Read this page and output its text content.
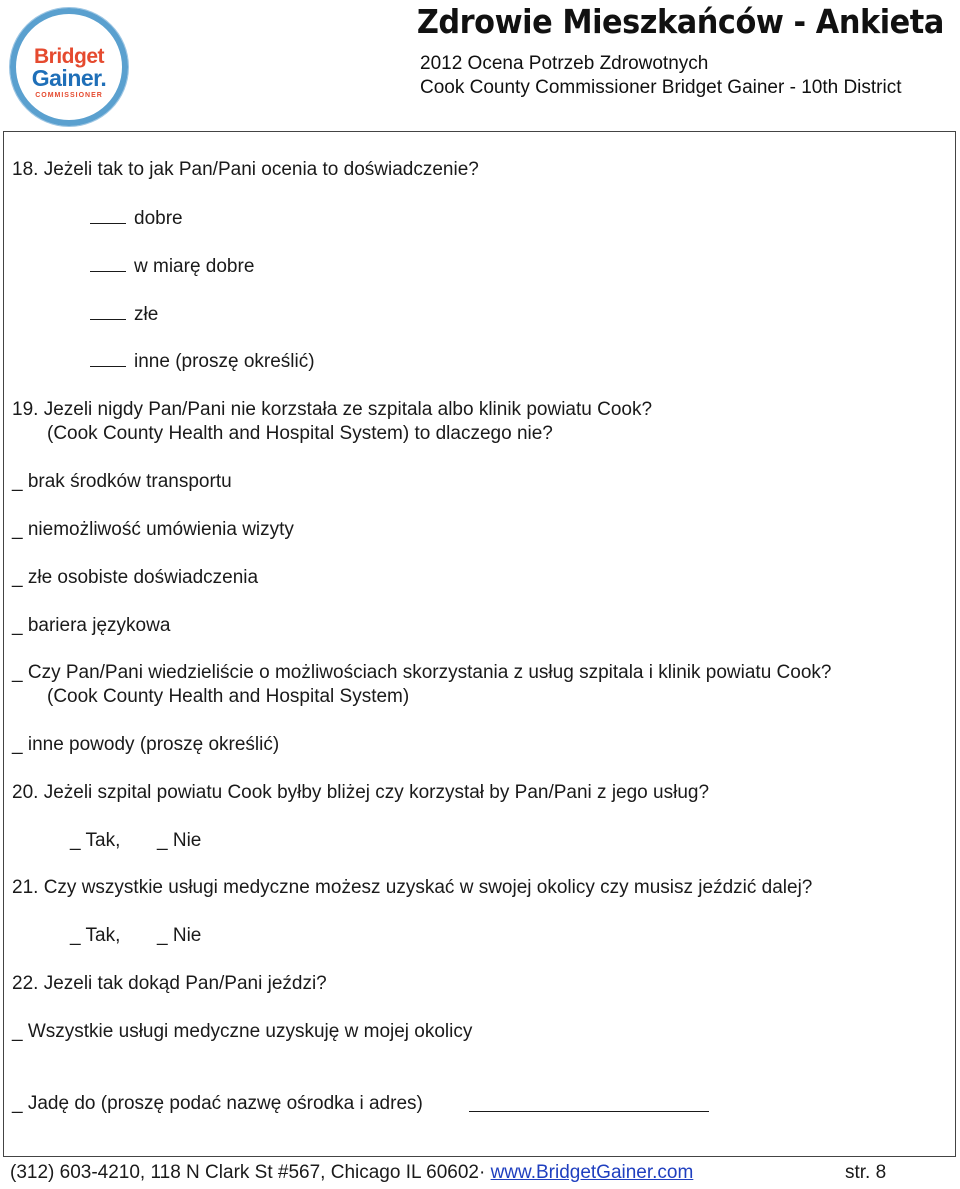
Bridget
Gainer.
COMMISSIONER
Zdrowie Mieszkańców - Ankieta
2012 Ocena Potrzeb Zdrowotnych
Cook County Commissioner Bridget Gainer - 10th District
18. Jeżeli tak to jak Pan/Pani ocenia to doświadczenie?
dobre
w miarę dobre
złe
inne (proszę określić)
19. Jezeli nigdy Pan/Pani nie korzstała ze szpitala albo klinik powiatu Cook?
(Cook County Health and Hospital System) to dlaczego nie?
_ brak środków transportu
_ niemożliwość umówienia wizyty
_ złe osobiste doświadczenia
_ bariera językowa
_ Czy Pan/Pani wiedzieliście o możliwościach skorzystania z usług szpitala i klinik powiatu Cook?
(Cook County Health and Hospital System)
_ inne powody (proszę określić)
20. Jeżeli szpital powiatu Cook byłby bliżej czy korzystał by Pan/Pani z jego usług?
_ Tak, _ Nie
21. Czy wszystkie usługi medyczne możesz uzyskać w swojej okolicy czy musisz jeździć dalej?
_ Tak, _ Nie
22. Jezeli tak dokąd Pan/Pani jeździ?
_ Wszystkie usługi medyczne uzyskuję w mojej okolicy
_ Jadę do (proszę podać nazwę ośrodka i adres)
(312) 603-4210, 118 N Clark St #567, Chicago IL 60602· www.BridgetGainer.com	str. 8
